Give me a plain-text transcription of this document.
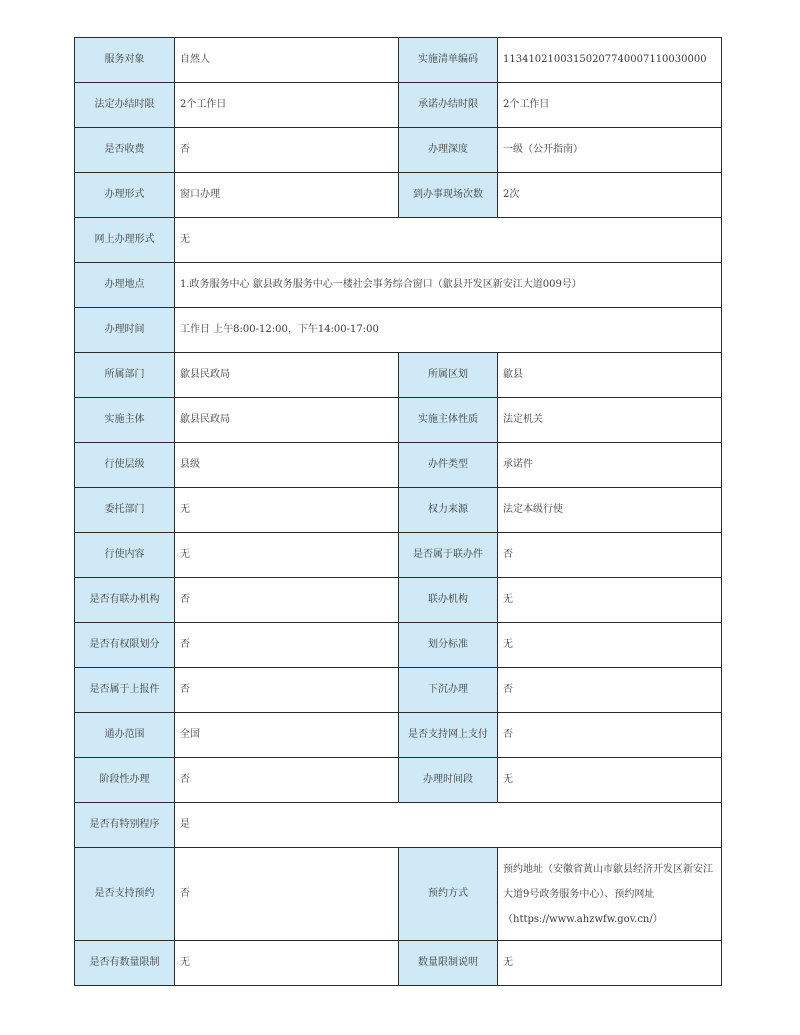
服务对象	自然人	实施清单编码	11341021003150207740007110030000
法定办结时限	2个工作日	承诺办结时限	2个工作日
是否收费	否	办理深度	一级（公开指南）
办理形式	窗口办理	到办事现场次数	2次
网上办理形式	无		
办理地点	1.政务服务中心 歙县政务服务中心一楼社会事务综合窗口（歙县开发区新安江大道009号）		
办理时间	工作日 上午8:00-12:00，下午14:00-17:00		
所属部门	歙县民政局	所属区划	歙县
实施主体	歙县民政局	实施主体性质	法定机关
行使层级	县级	办件类型	承诺件
委托部门	无	权力来源	法定本级行使
行使内容	无	是否属于联办件	否
是否有联办机构	否	联办机构	无
是否有权限划分	否	划分标准	无
是否属于上报件	否	下沉办理	否
通办范围	全国	是否支持网上支付	否
阶段性办理	否	办理时间段	无
是否有特别程序	是		
是否支持预约	否	预约方式	预约地址（安徽省黄山市歙县经济开发区新安江大道9号政务服务中心）、预约网址（https://www.ahzwfw.gov.cn/）
是否有数量限制	无	数量限制说明	无
